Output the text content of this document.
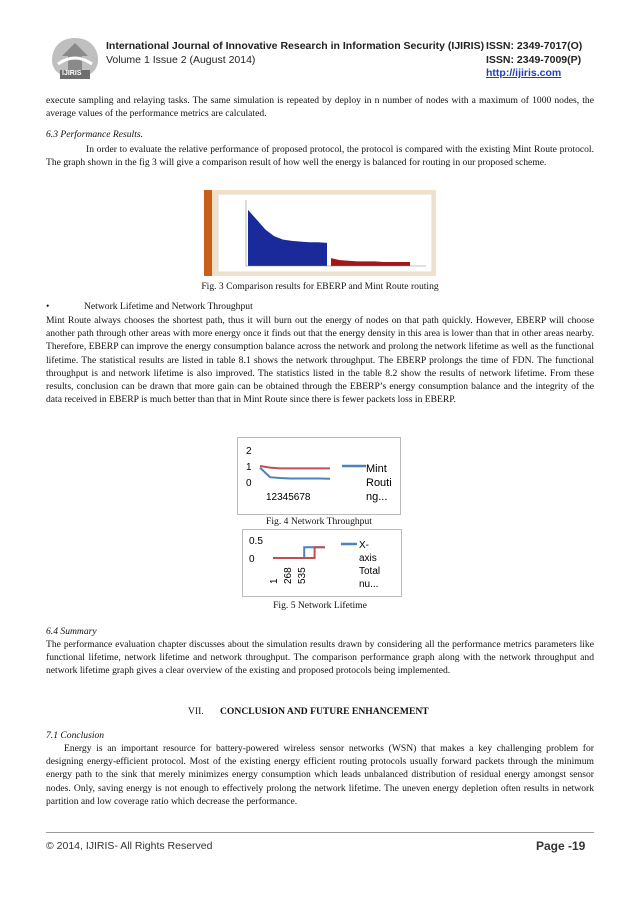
IJIRIS
International Journal of Innovative Research in Information Security (IJIRIS) ISSN: 2349-7017(O)
Volume 1 Issue 2 (August 2014)	ISSN: 2349-7009(P)
http://ijiris.com
execute sampling and relaying tasks. The same simulation is repeated by deploy in n number of nodes with a maximum of 1000 nodes, the average values of the performance metrics are calculated.
6.3 Performance Results.
In order to evaluate the relative performance of proposed protocol, the protocol is compared with the existing Mint Route protocol. The graph shown in the fig 3 will give a comparison result of how well the energy is balanced for routing in our proposed scheme.
Fig. 3 Comparison results for EBERP and Mint Route routing
•	Network Lifetime and Network Throughput
Mint Route always chooses the shortest path, thus it will burn out the energy of nodes on that path quickly. However, EBERP will choose another path through other areas with more energy once it finds out that the energy density in this area is lower than that in other areas nearby. Therefore, EBERP can improve the energy consumption balance across the network and prolong the network lifetime as well as the functional lifetime. The statistical results are listed in table 8.1 shows the network throughput. The EBERP prolongs the time of FDN. The functional throughput is and network lifetime is also improved. The statistics listed in the table 8.2 show the results of network lifetime. From these results, conclusion can be drawn that more gain can be obtained through the EBERP’s energy consumption balance and the integrity of the data received in EBERP is much better than that in Mint Route since there is fewer packets loss in EBERP.
2
1
0
12345678
Mint
Routi
ng...
Fig. 4 Network Throughput
0.5
0
1 268 535
X-
axis
Total
nu...
Fig. 5 Network Lifetime
6.4 Summary
The performance evaluation chapter discusses about the simulation results drawn by considering all the performance metrics parameters like functional lifetime, network lifetime and network throughput. The comparison performance graph along with the network throughput and network lifetime graph gives a clear overview of the existing and proposed protocols being implemented.
VII. CONCLUSION AND FUTURE ENHANCEMENT
7.1 Conclusion
Energy is an important resource for battery-powered wireless sensor networks (WSN) that makes a key challenging problem for designing energy-efficient protocol. Most of the existing energy efficient routing protocols usually forward packets through the minimum energy path to the sink that merely minimizes energy consumption which leads unbalanced distribution of residual energy amongst sensor nodes. Only, saving energy is not enough to effectively prolong the network lifetime. The uneven energy depletion often results in network partition and low coverage ratio which decrease the performance.
© 2014, IJIRIS- All Rights Reserved	Page -19
